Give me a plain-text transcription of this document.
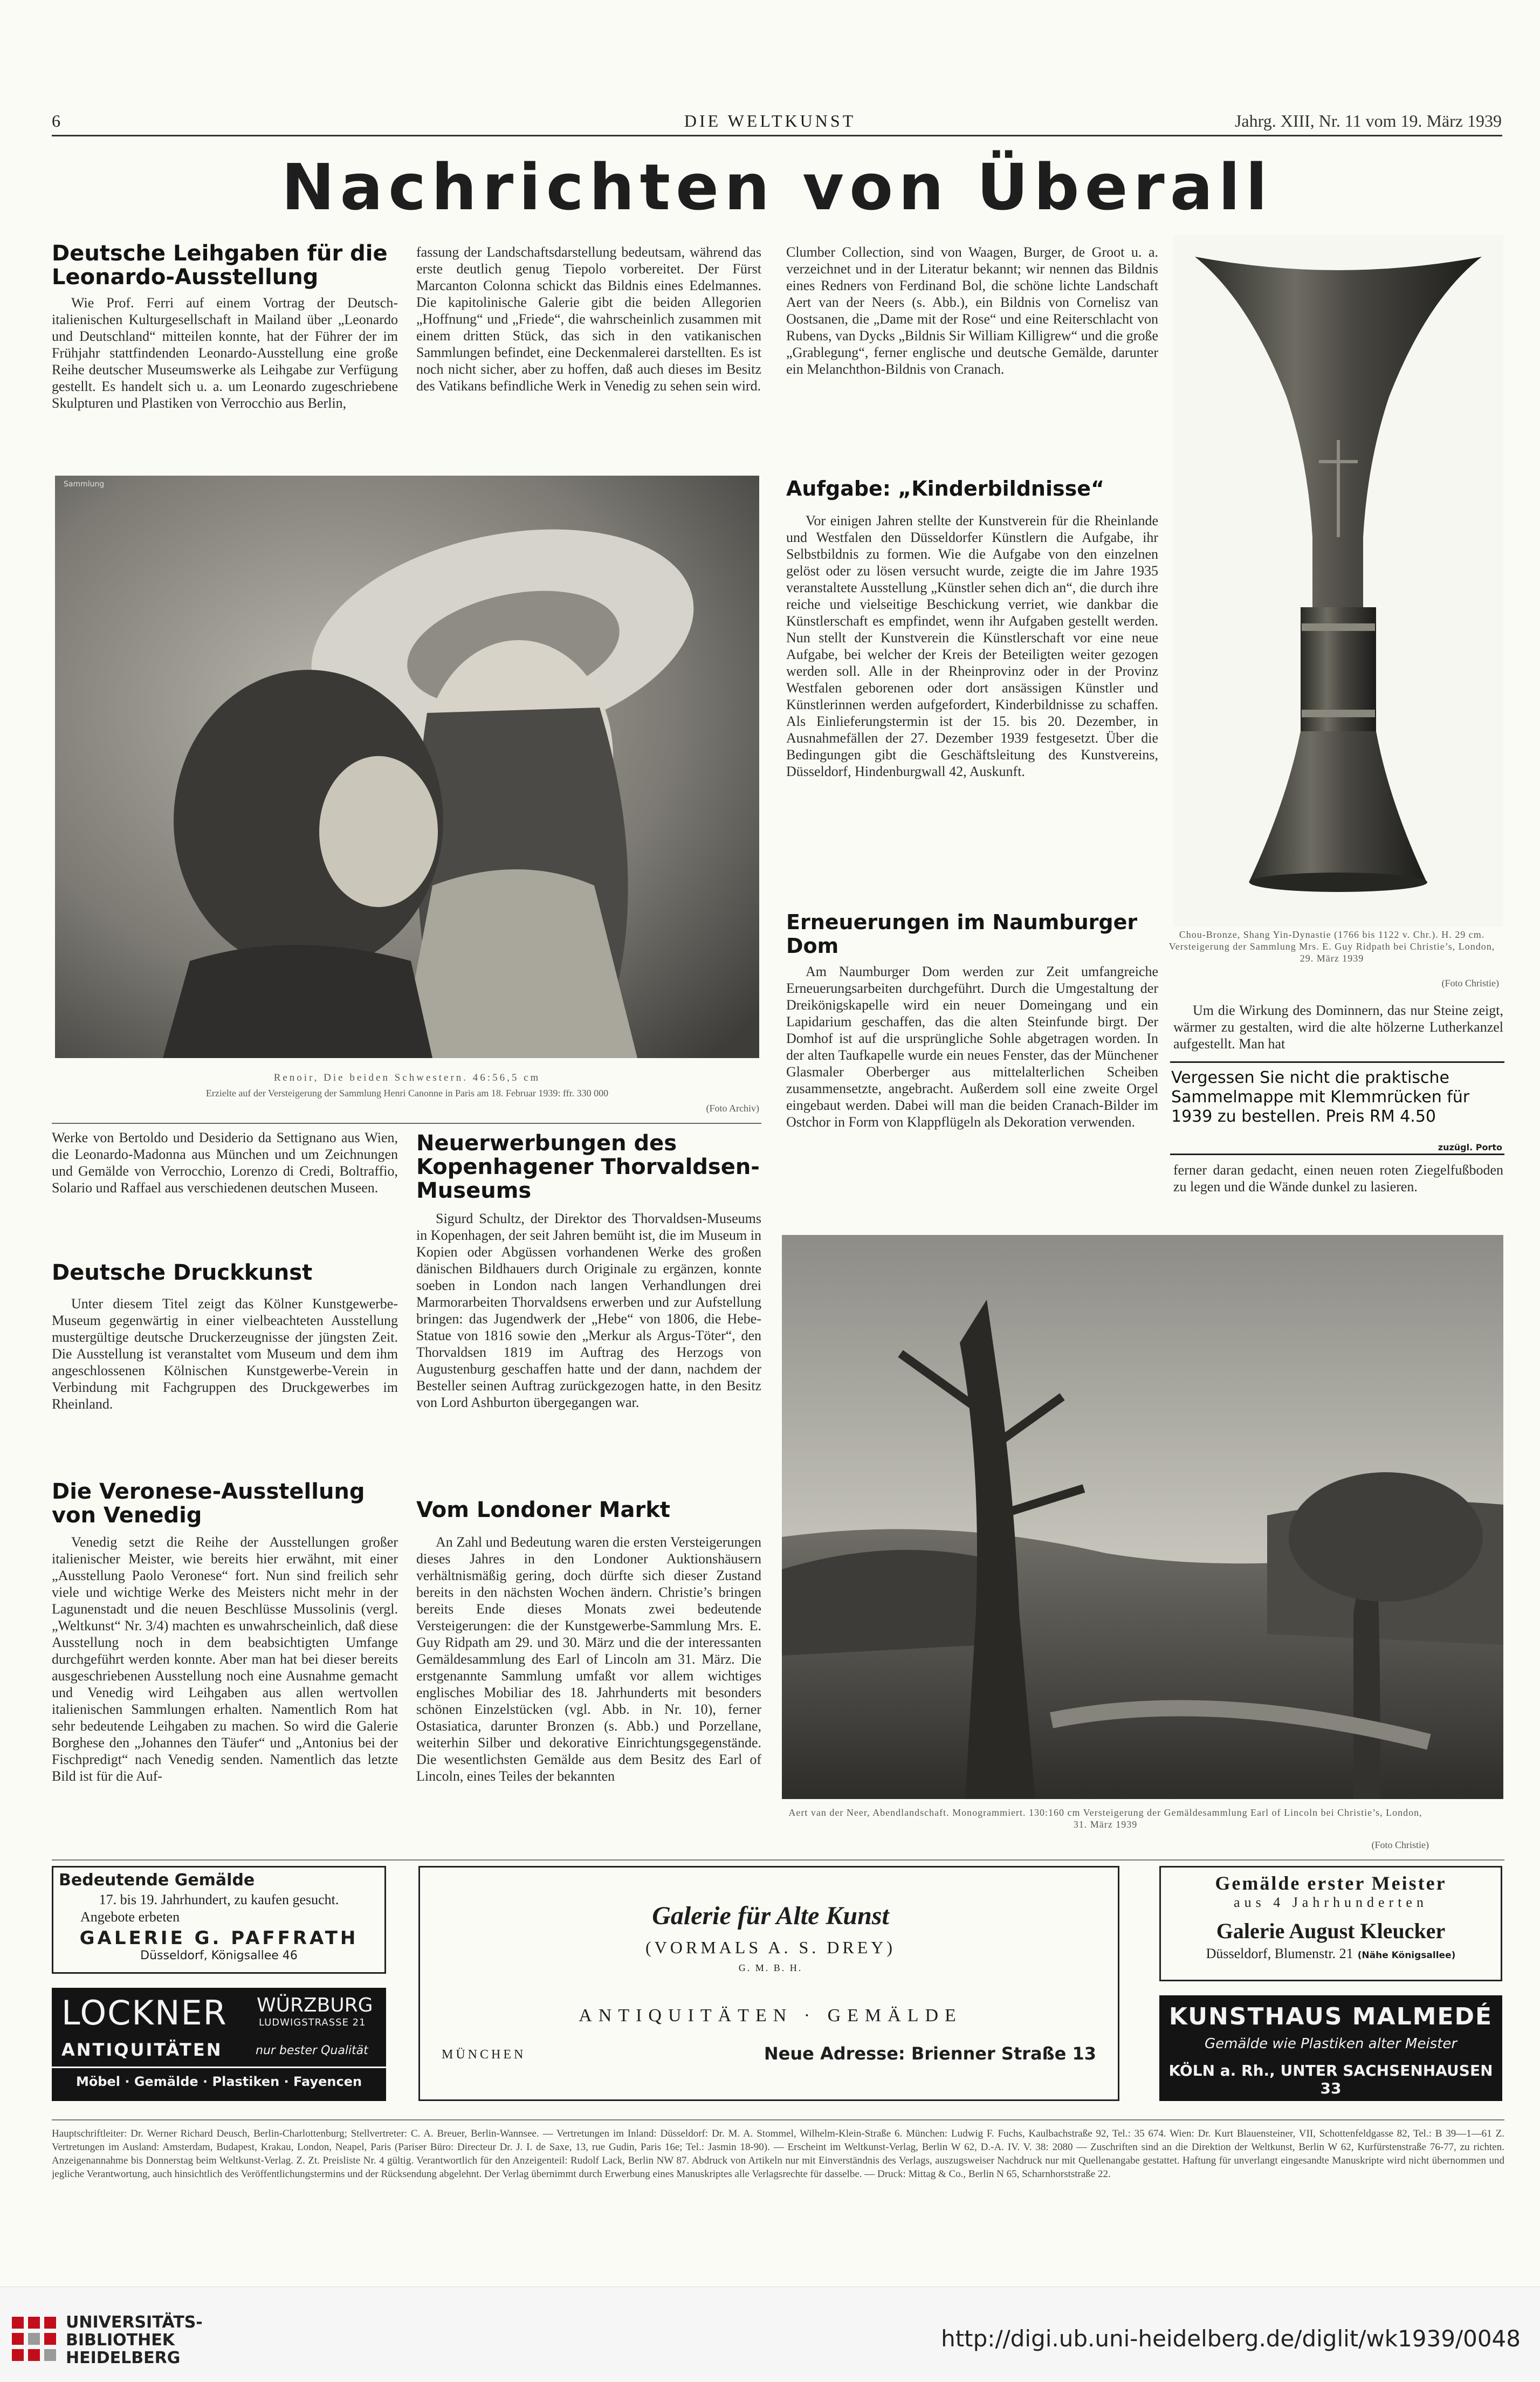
6	DIE WELTKUNST	Jahrg. XIII, Nr. 11 vom 19. März 1939
Nachrichten von Überall
Deutsche Leihgaben für die Leonardo-Ausstellung

Wie Prof. Ferri auf einem Vortrag der Deutsch-italienischen Kulturgesellschaft in Mailand über „Leonardo und Deutschland“ mitteilen konnte, hat der Führer der im Frühjahr stattfindenden Leonardo-Ausstellung eine große Reihe deutscher Museumswerke als Leihgabe zur Verfügung gestellt. Es handelt sich u. a. um Leonardo zugeschriebene Skulpturen und Plastiken von Verrocchio aus Berlin,

fassung der Landschaftsdarstellung bedeutsam, während das erste deutlich genug Tiepolo vorbereitet. Der Fürst Marcanton Colonna schickt das Bildnis eines Edelmannes. Die kapitolinische Galerie gibt die beiden Allegorien „Hoffnung“ und „Friede“, die wahrscheinlich zusammen mit einem dritten Stück, das sich in den vatikanischen Sammlungen befindet, eine Deckenmalerei darstellten. Es ist noch nicht sicher, aber zu hoffen, daß auch dieses im Besitz des Vatikans befindliche Werk in Venedig zu sehen sein wird.

Clumber Collection, sind von Waagen, Burger, de Groot u. a. verzeichnet und in der Literatur bekannt; wir nennen das Bildnis eines Redners von Ferdinand Bol, die schöne lichte Landschaft Aert van der Neers (s. Abb.), ein Bildnis von Cornelisz van Oostsanen, die „Dame mit der Rose“ und eine Reiterschlacht von Rubens, van Dycks „Bildnis Sir William Killigrew“ und die große „Grablegung“, ferner englische und deutsche Gemälde, darunter ein Melanchthon-Bildnis von Cranach.

Chou-Bronze, Shang Yin-Dynastie (1766 bis 1122 v. Chr.). H. 29 cm. Versteigerung der Sammlung Mrs. E. Guy Ridpath bei Christie’s, London, 29. März 1939
(Foto Christie)
Aufgabe: „Kinderbildnisse“

Vor einigen Jahren stellte der Kunstverein für die Rheinlande und Westfalen den Düsseldorfer Künstlern die Aufgabe, ihr Selbstbildnis zu formen. Wie die Aufgabe von den einzelnen gelöst oder zu lösen versucht wurde, zeigte die im Jahre 1935 veranstaltete Ausstellung „Künstler sehen dich an“, die durch ihre reiche und vielseitige Beschickung verriet, wie dankbar die Künstlerschaft es empfindet, wenn ihr Aufgaben gestellt werden. Nun stellt der Kunstverein die Künstlerschaft vor eine neue Aufgabe, bei welcher der Kreis der Beteiligten weiter gezogen werden soll. Alle in der Rheinprovinz oder in der Provinz Westfalen geborenen oder dort ansässigen Künstler und Künstlerinnen werden aufgefordert, Kinderbildnisse zu schaffen. Als Einlieferungstermin ist der 15. bis 20. Dezember, in Ausnahmefällen der 27. Dezember 1939 festgesetzt. Über die Bedingungen gibt die Geschäftsleitung des Kunstvereins, Düsseldorf, Hindenburgwall 42, Auskunft.

Sammlung
Renoir, Die beiden Schwestern. 46:56,5 cm
Erzielte auf der Versteigerung der Sammlung Henri Canonne in Paris am 18. Februar 1939: ffr. 330 000
(Foto Archiv)

Werke von Bertoldo und Desiderio da Settignano aus Wien, die Leonardo-Madonna aus München und um Zeichnungen und Gemälde von Verrocchio, Lorenzo di Credi, Boltraffio, Solario und Raffael aus verschiedenen deutschen Museen.

Deutsche Druckkunst

Unter diesem Titel zeigt das Kölner Kunstgewerbe-Museum gegenwärtig in einer vielbeachteten Ausstellung mustergültige deutsche Druckerzeugnisse der jüngsten Zeit. Die Ausstellung ist veranstaltet vom Museum und dem ihm angeschlossenen Kölnischen Kunstgewerbe-Verein in Verbindung mit Fachgruppen des Druckgewerbes im Rheinland.

Die Veronese-Ausstellung von Venedig

Venedig setzt die Reihe der Ausstellungen großer italienischer Meister, wie bereits hier erwähnt, mit einer „Ausstellung Paolo Veronese“ fort. Nun sind freilich sehr viele und wichtige Werke des Meisters nicht mehr in der Lagunenstadt und die neuen Beschlüsse Mussolinis (vergl. „Weltkunst“ Nr. 3/4) machten es unwahrscheinlich, daß diese Ausstellung noch in dem beabsichtigten Umfange durchgeführt werden konnte. Aber man hat bei dieser bereits ausgeschriebenen Ausstellung noch eine Ausnahme gemacht und Venedig wird Leihgaben aus allen wertvollen italienischen Sammlungen erhalten. Namentlich Rom hat sehr bedeutende Leihgaben zu machen. So wird die Galerie Borghese den „Johannes den Täufer“ und „Antonius bei der Fischpredigt“ nach Venedig senden. Namentlich das letzte Bild ist für die Auf-

Neuerwerbungen des Kopenhagener Thorvaldsen-Museums

Sigurd Schultz, der Direktor des Thorvaldsen-Museums in Kopenhagen, der seit Jahren bemüht ist, die im Museum in Kopien oder Abgüssen vorhandenen Werke des großen dänischen Bildhauers durch Originale zu ergänzen, konnte soeben in London nach langen Verhandlungen drei Marmorarbeiten Thorvaldsens erwerben und zur Aufstellung bringen: das Jugendwerk der „Hebe“ von 1806, die Hebe-Statue von 1816 sowie den „Merkur als Argus-Töter“, den Thorvaldsen 1819 im Auftrag des Herzogs von Augustenburg geschaffen hatte und der dann, nachdem der Besteller seinen Auftrag zurückgezogen hatte, in den Besitz von Lord Ashburton übergegangen war.

Vom Londoner Markt

An Zahl und Bedeutung waren die ersten Versteigerungen dieses Jahres in den Londoner Auktionshäusern verhältnismäßig gering, doch dürfte sich dieser Zustand bereits in den nächsten Wochen ändern. Christie’s bringen bereits Ende dieses Monats zwei bedeutende Versteigerungen: die der Kunstgewerbe-Sammlung Mrs. E. Guy Ridpath am 29. und 30. März und die der interessanten Gemäldesammlung des Earl of Lincoln am 31. März. Die erstgenannte Sammlung umfaßt vor allem wichtiges englisches Mobiliar des 18. Jahrhunderts mit besonders schönen Einzelstücken (vgl. Abb. in Nr. 10), ferner Ostasiatica, darunter Bronzen (s. Abb.) und Porzellane, weiterhin Silber und dekorative Einrichtungsgegenstände. Die wesentlichsten Gemälde aus dem Besitz des Earl of Lincoln, eines Teiles der bekannten

Erneuerungen im Naumburger Dom

Am Naumburger Dom werden zur Zeit umfangreiche Erneuerungsarbeiten durchgeführt. Durch die Umgestaltung der Dreikönigskapelle wird ein neuer Domeingang und ein Lapidarium geschaffen, das die alten Steinfunde birgt. Der Domhof ist auf die ursprüngliche Sohle abgetragen worden. In der alten Taufkapelle wurde ein neues Fenster, das der Münchener Glasmaler Oberberger aus mittelalterlichen Scheiben zusammensetzte, angebracht. Außerdem soll eine zweite Orgel eingebaut werden. Dabei will man die beiden Cranach-Bilder im Ostchor in Form von Klappflügeln als Dekoration verwenden.

Um die Wirkung des Dominnern, das nur Steine zeigt, wärmer zu gestalten, wird die alte hölzerne Lutherkanzel aufgestellt. Man hat

Vergessen Sie nicht die praktische Sammelmappe mit Klemmrücken für 1939 zu bestellen. Preis RM 4.50
zuzügl. Porto

ferner daran gedacht, einen neuen roten Ziegelfußboden zu legen und die Wände dunkel zu lasieren.

Aert van der Neer, Abendlandschaft. Monogrammiert. 130:160 cm Versteigerung der Gemäldesammlung Earl of Lincoln bei Christie’s, London, 31. März 1939
(Foto Christie)
Bedeutende Gemälde
17. bis 19. Jahrhundert, zu kaufen gesucht.
Angebote erbeten
GALERIE G. PAFFRATH
Düsseldorf, Königsallee 46
LOCKNER WÜRZBURG
LUDWIGSTRASSE 21
ANTIQUITÄTEN	nur bester Qualität
Möbel · Gemälde · Plastiken · Fayencen
Galerie für Alte Kunst
(VORMALS A. S. DREY)
G. M. B. H.
ANTIQUITÄTEN · GEMÄLDE
MÜNCHEN	Neue Adresse: Brienner Straße 13
Gemälde erster Meister
aus 4 Jahrhunderten
Galerie August Kleucker
Düsseldorf, Blumenstr. 21 (Nähe Königsallee)
KUNSTHAUS MALMEDÉ
Gemälde wie Plastiken alter Meister
KÖLN a. Rh., UNTER SACHSENHAUSEN 33
Hauptschriftleiter: Dr. Werner Richard Deusch, Berlin-Charlottenburg; Stellvertreter: C. A. Breuer, Berlin-Wannsee. — Vertretungen im Inland: Düsseldorf: Dr. M. A. Stommel, Wilhelm-Klein-Straße 6. München: Ludwig F. Fuchs, Kaulbachstraße 92, Tel.: 35 674. Wien: Dr. Kurt Blauensteiner, VII, Schottenfeldgasse 82, Tel.: B 39—1—61 Z. Vertretungen im Ausland: Amsterdam, Budapest, Krakau, London, Neapel, Paris (Pariser Büro: Directeur Dr. J. I. de Saxe, 13, rue Gudin, Paris 16e; Tel.: Jasmin 18-90). — Erscheint im Weltkunst-Verlag, Berlin W 62, D.-A. IV. V. 38: 2080 — Zuschriften sind an die Direktion der Weltkunst, Berlin W 62, Kurfürstenstraße 76-77, zu richten. Anzeigenannahme bis Donnerstag beim Weltkunst-Verlag. Z. Zt. Preisliste Nr. 4 gültig. Verantwortlich für den Anzeigenteil: Rudolf Lack, Berlin NW 87. Abdruck von Artikeln nur mit Einverständnis des Verlags, auszugsweiser Nachdruck nur mit Quellenangabe gestattet. Haftung für unverlangt eingesandte Manuskripte wird nicht übernommen und jegliche Verantwortung, auch hinsichtlich des Veröffentlichungstermins und der Rücksendung abgelehnt. Der Verlag übernimmt durch Erwerbung eines Manuskriptes alle Verlagsrechte für dasselbe. — Druck: Mittag & Co., Berlin N 65, Scharnhorststraße 22.
UNIVERSITÄTS-
BIBLIOTHEK
HEIDELBERG
http://digi.ub.uni-heidelberg.de/diglit/wk1939/0048
